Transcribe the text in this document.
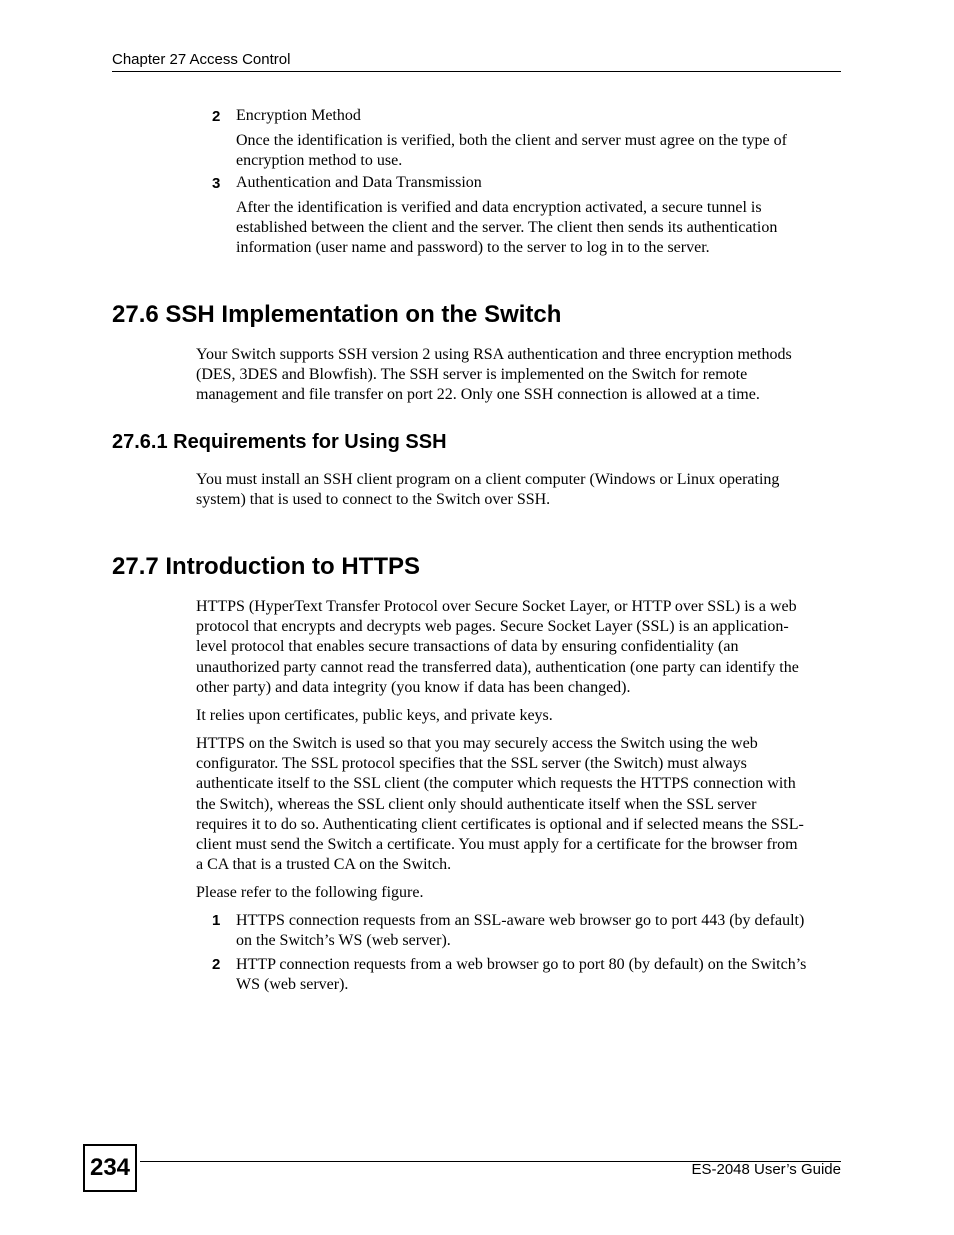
Chapter 27 Access Control
2 Encryption Method
Once the identification is verified, both the client and server must agree on the type of
encryption method to use.
3 Authentication and Data Transmission
After the identification is verified and data encryption activated, a secure tunnel is
established between the client and the server. The client then sends its authentication
information (user name and password) to the server to log in to the server.
27.6 SSH Implementation on the Switch
Your Switch supports SSH version 2 using RSA authentication and three encryption methods
(DES, 3DES and Blowfish). The SSH server is implemented on the Switch for remote
management and file transfer on port 22. Only one SSH connection is allowed at a time.
27.6.1 Requirements for Using SSH
You must install an SSH client program on a client computer (Windows or Linux operating
system) that is used to connect to the Switch over SSH.
27.7 Introduction to HTTPS
HTTPS (HyperText Transfer Protocol over Secure Socket Layer, or HTTP over SSL) is a web
protocol that encrypts and decrypts web pages. Secure Socket Layer (SSL) is an application-
level protocol that enables secure transactions of data by ensuring confidentiality (an
unauthorized party cannot read the transferred data), authentication (one party can identify the
other party) and data integrity (you know if data has been changed).
It relies upon certificates, public keys, and private keys.
HTTPS on the Switch is used so that you may securely access the Switch using the web
configurator. The SSL protocol specifies that the SSL server (the Switch) must always
authenticate itself to the SSL client (the computer which requests the HTTPS connection with
the Switch), whereas the SSL client only should authenticate itself when the SSL server
requires it to do so. Authenticating client certificates is optional and if selected means the SSL-
client must send the Switch a certificate. You must apply for a certificate for the browser from
a CA that is a trusted CA on the Switch.
Please refer to the following figure.
1 HTTPS connection requests from an SSL-aware web browser go to port 443 (by default)
on the Switch’s WS (web server).
2 HTTP connection requests from a web browser go to port 80 (by default) on the Switch’s
WS (web server).
234	ES-2048 User’s Guide
